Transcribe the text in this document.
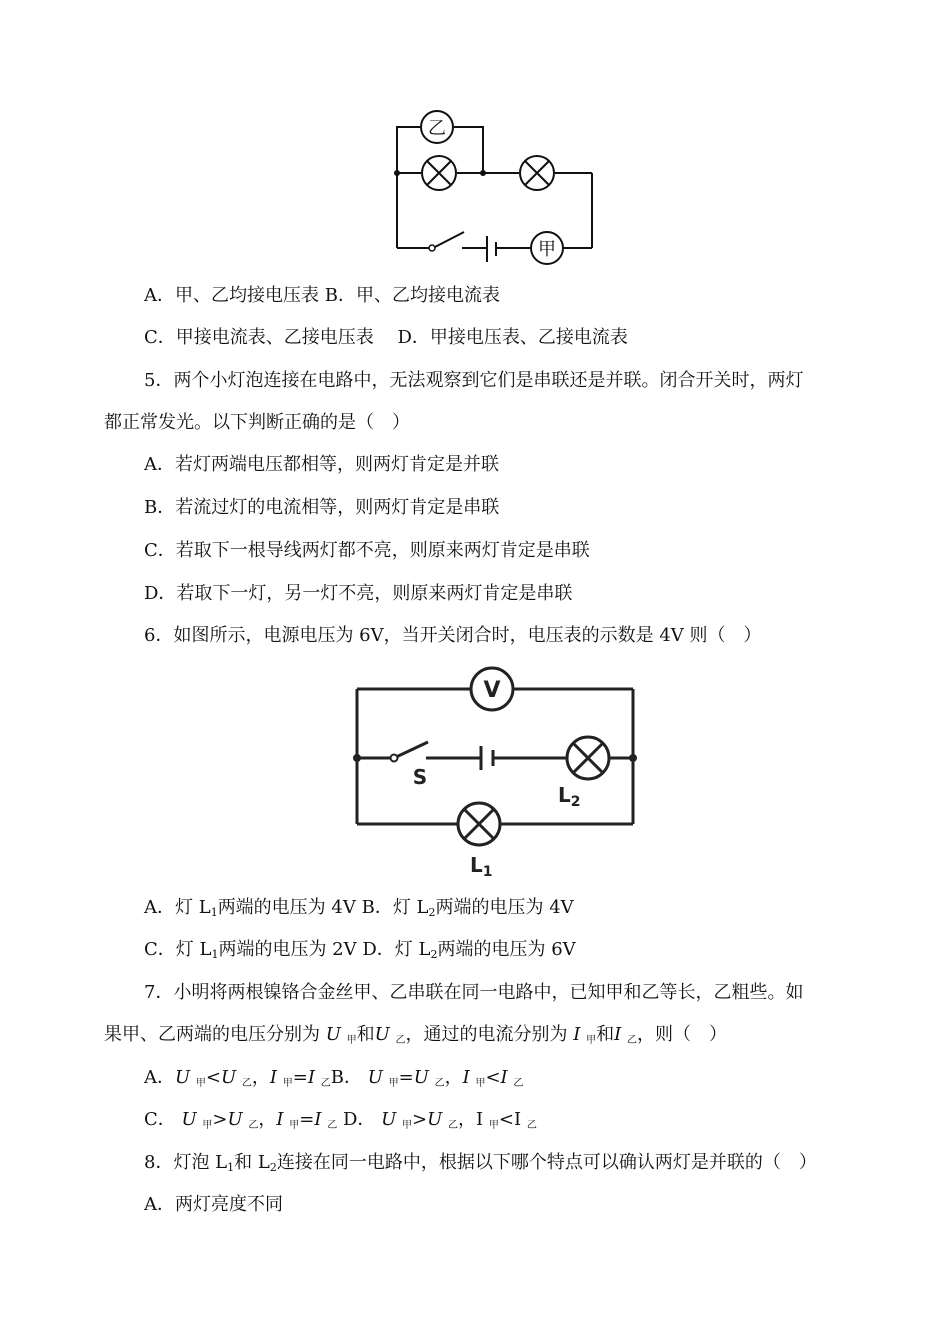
乙
甲
A．甲、乙均接电压表 B．甲、乙均接电流表
C．甲接电流表、乙接电压表　 D．甲接电压表、乙接电流表
5．两个小灯泡连接在电路中，无法观察到它们是串联还是并联。闭合开关时，两灯
都正常发光。以下判断正确的是（　）
A．若灯两端电压都相等，则两灯肯定是并联
B．若流过灯的电流相等，则两灯肯定是串联
C．若取下一根导线两灯都不亮，则原来两灯肯定是串联
D．若取下一灯，另一灯不亮，则原来两灯肯定是串联
6．如图所示，电源电压为 6V，当开关闭合时，电压表的示数是 4V 则（　）
V
S
$L_2$
$L_1$
A．灯 $L_1$两端的电压为 4V B．灯 $L_2$两端的电压为 4V
C．灯 $L_1$两端的电压为 2V D．灯 $L_2$两端的电压为 6V
7．小明将两根镍铬合金丝甲、乙串联在同一电路中，已知甲和乙等长，乙粗些。如
果甲、乙两端的电压分别为 U 甲和U 乙，通过的电流分别为 I 甲和I 乙，则（　）
A．U 甲<U 乙，I 甲=I 乙B． U 甲=U 乙，I 甲<I 乙
C． U 甲>U 乙，I 甲=I 乙 D． U 甲>U 乙，I 甲<I 乙
8．灯泡 $L_1$和 $L_2$连接在同一电路中，根据以下哪个特点可以确认两灯是并联的（　）
A．两灯亮度不同
